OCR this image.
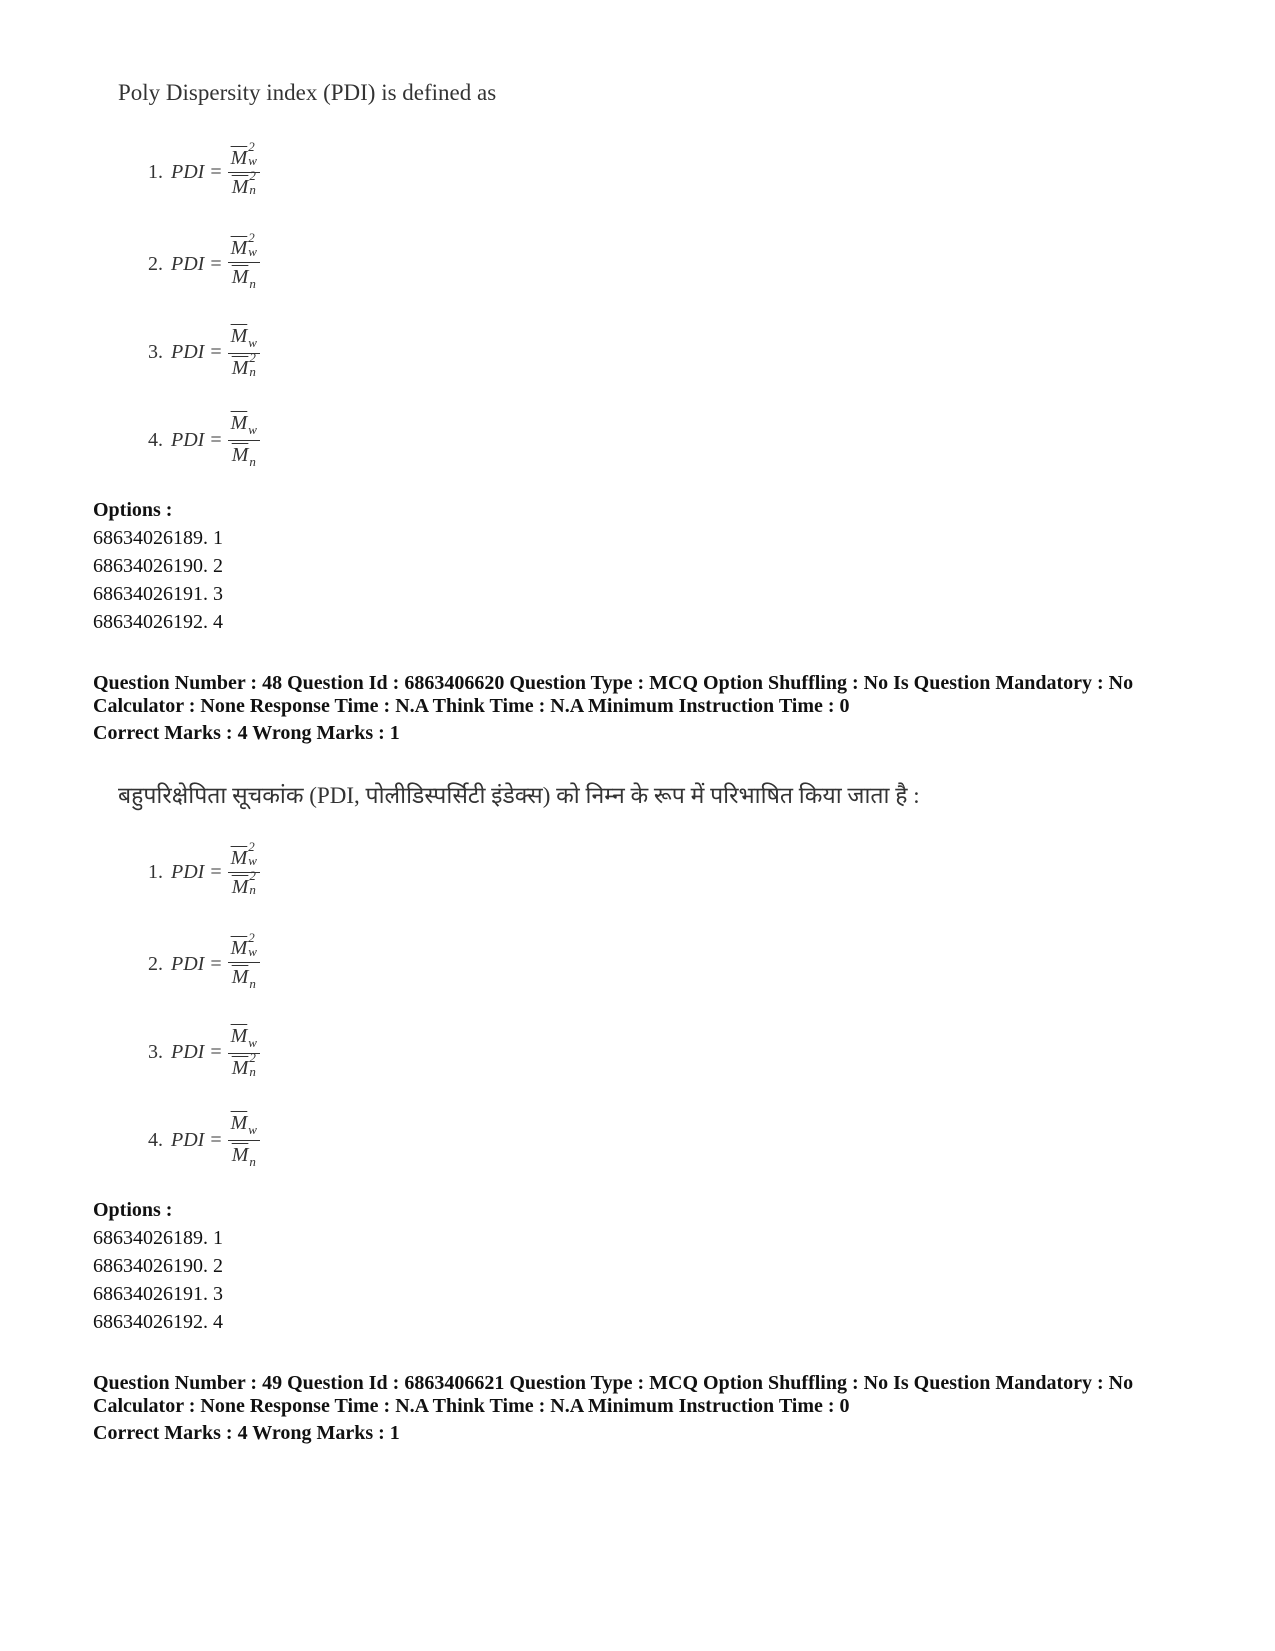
Poly Dispersity index (PDI) is defined as
1. PDI = $\overline{M}$ 2
w
$\overline{M}$ 2
n
2. PDI = $\overline{M}$ 2
w
$\overline{M}_n$
3. PDI = $\overline{M}_w$
$\overline{M}$ 2
n
4. PDI = $\frac{\overline{M}_w}{\overline{M}_n}$
Options :
68634026189. 1
68634026190. 2
68634026191. 3
68634026192. 4
Question Number : 48 Question Id : 6863406620 Question Type : MCQ Option Shuffling : No Is Question Mandatory : No Calculator : None Response Time : N.A Think Time : N.A Minimum Instruction Time : 0
Correct Marks : 4 Wrong Marks : 1
बहुपरिक्षेपिता सूचकांक (PDI, पोलीडिस्पर्सिटी इंडेक्स) को निम्न के रूप में परिभाषित किया जाता है :
1. PDI = $\overline{M}$ 2
w
$\overline{M}$ 2
n
2. PDI = $\overline{M}$ 2
w
$\overline{M}_n$
3. PDI = $\overline{M}_w$
$\overline{M}$ 2
n
4. PDI = $\frac{\overline{M}_w}{\overline{M}_n}$
Options :
68634026189. 1
68634026190. 2
68634026191. 3
68634026192. 4
Question Number : 49 Question Id : 6863406621 Question Type : MCQ Option Shuffling : No Is Question Mandatory : No Calculator : None Response Time : N.A Think Time : N.A Minimum Instruction Time : 0
Correct Marks : 4 Wrong Marks : 1
